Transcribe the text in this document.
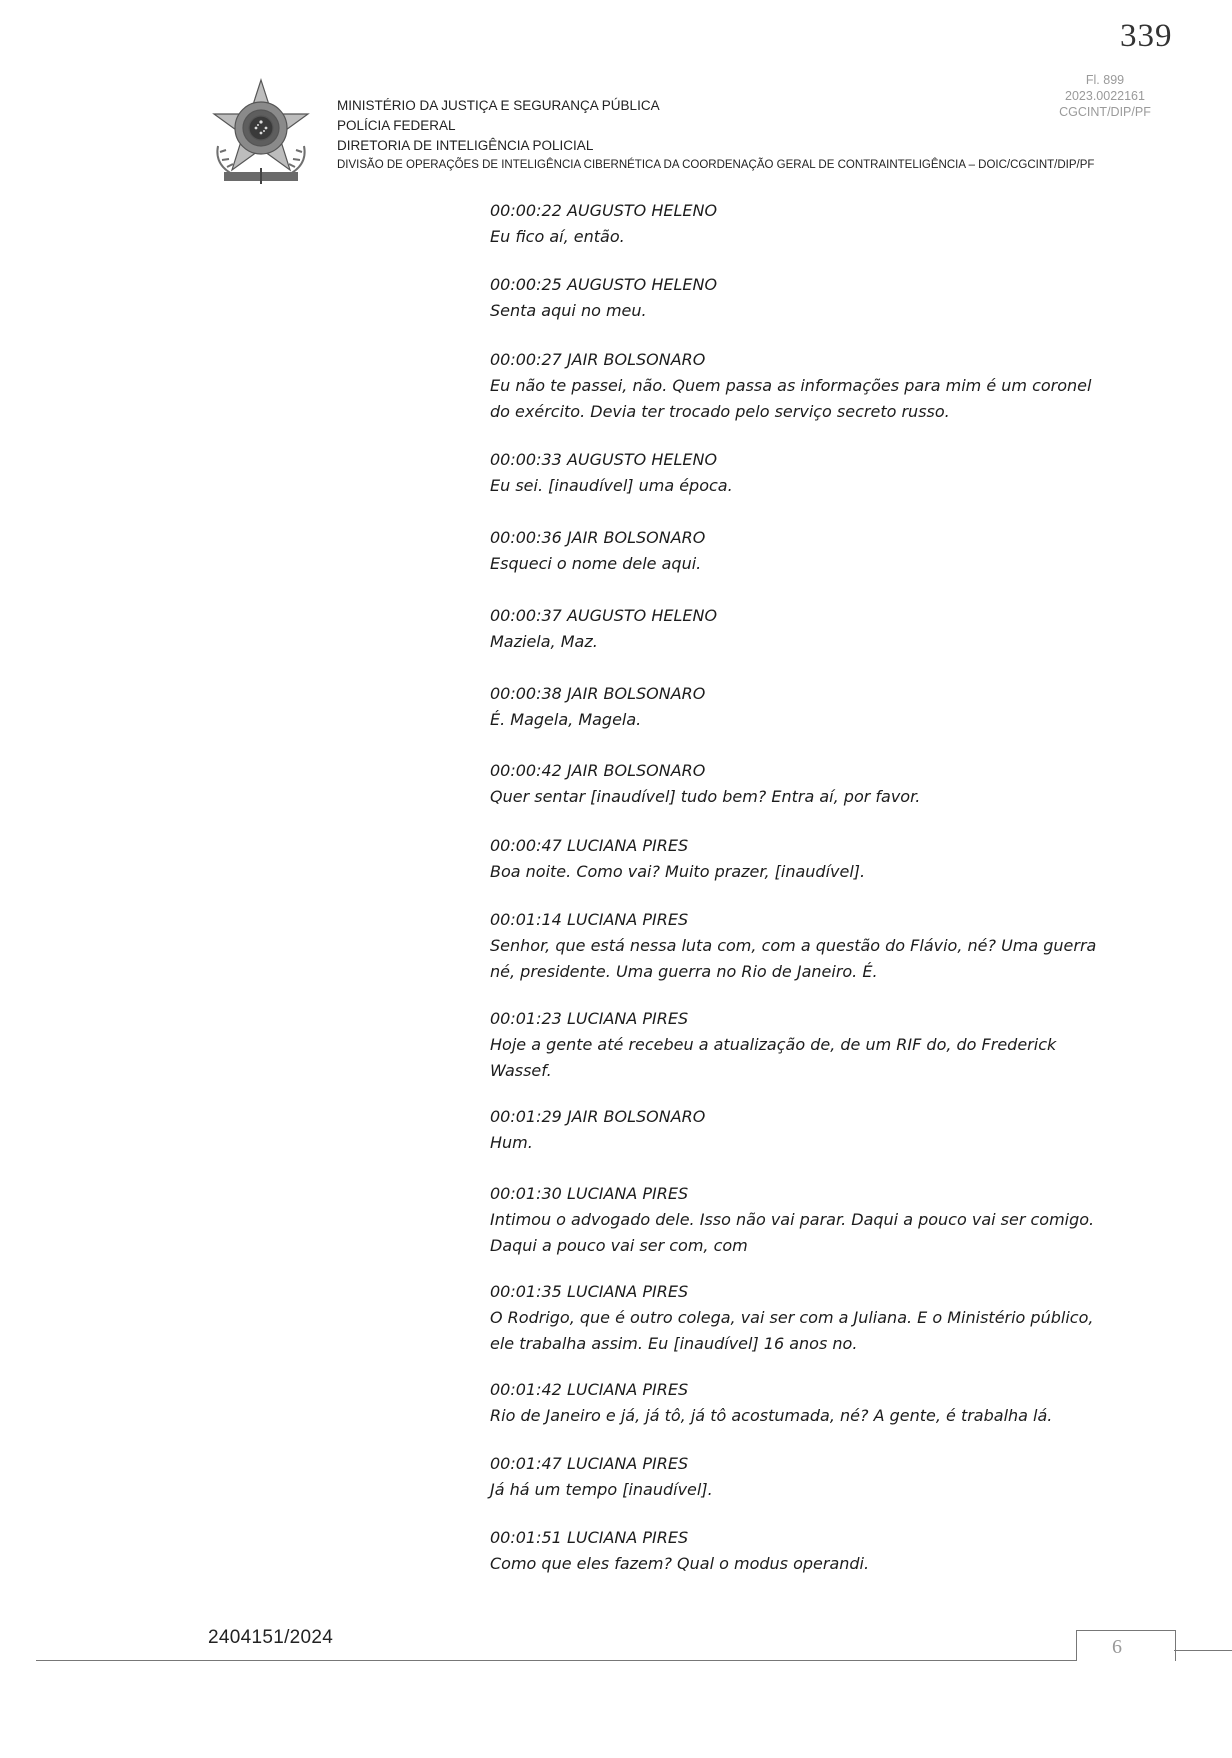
339
Fl. 899
2023.0022161
CGCINT/DIP/PF
MINISTÉRIO DA JUSTIÇA E SEGURANÇA PÚBLICA
POLÍCIA FEDERAL
DIRETORIA DE INTELIGÊNCIA POLICIAL
DIVISÃO DE OPERAÇÕES DE INTELIGÊNCIA CIBERNÉTICA DA COORDENAÇÃO GERAL DE CONTRAINTELIGÊNCIA – DOIC/CGCINT/DIP/PF
00:00:22 AUGUSTO HELENO
Eu fico aí, então.
00:00:25 AUGUSTO HELENO
Senta aqui no meu.
00:00:27 JAIR BOLSONARO
Eu não te passei, não. Quem passa as informações para mim é um coronel
do exército. Devia ter trocado pelo serviço secreto russo.
00:00:33 AUGUSTO HELENO
Eu sei. [inaudível] uma época.
00:00:36 JAIR BOLSONARO
Esqueci o nome dele aqui.
00:00:37 AUGUSTO HELENO
Maziela, Maz.
00:00:38 JAIR BOLSONARO
É. Magela, Magela.
00:00:42 JAIR BOLSONARO
Quer sentar [inaudível] tudo bem? Entra aí, por favor.
00:00:47 LUCIANA PIRES
Boa noite. Como vai? Muito prazer, [inaudível].
00:01:14 LUCIANA PIRES
Senhor, que está nessa luta com, com a questão do Flávio, né? Uma guerra
né, presidente. Uma guerra no Rio de Janeiro. É.
00:01:23 LUCIANA PIRES
Hoje a gente até recebeu a atualização de, de um RIF do, do Frederick
Wassef.
00:01:29 JAIR BOLSONARO
Hum.
00:01:30 LUCIANA PIRES
Intimou o advogado dele. Isso não vai parar. Daqui a pouco vai ser comigo.
Daqui a pouco vai ser com, com
00:01:35 LUCIANA PIRES
O Rodrigo, que é outro colega, vai ser com a Juliana. E o Ministério público,
ele trabalha assim. Eu [inaudível] 16 anos no.
00:01:42 LUCIANA PIRES
Rio de Janeiro e já, já tô, já tô acostumada, né? A gente, é trabalha lá.
00:01:47 LUCIANA PIRES
Já há um tempo [inaudível].
00:01:51 LUCIANA PIRES
Como que eles fazem? Qual o modus operandi.
2404151/2024	6
